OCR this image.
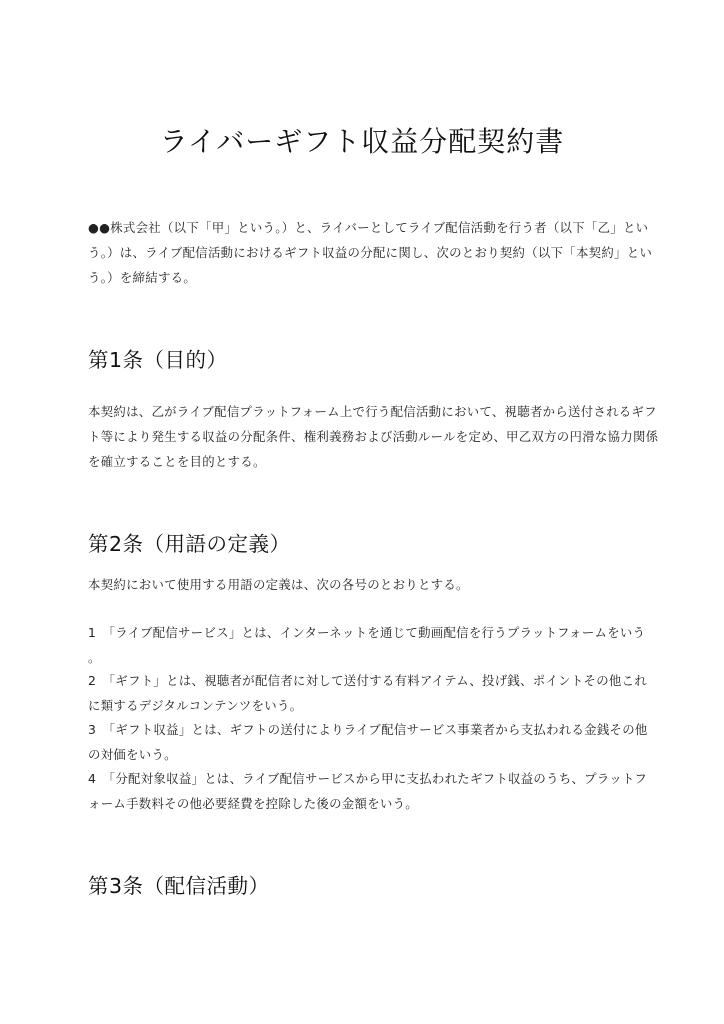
ライバーギフト収益分配契約書
●●株式会社（以下「甲」という。）と、ライバーとしてライブ配信活動を行う者（以下「乙」とい
う。）は、ライブ配信活動におけるギフト収益の分配に関し、次のとおり契約（以下「本契約」とい
う。）を締結する。
第1条（目的）
本契約は、乙がライブ配信プラットフォーム上で行う配信活動において、視聴者から送付されるギフ
ト等により発生する収益の分配条件、権利義務および活動ルールを定め、甲乙双方の円滑な協力関係
を確立することを目的とする。
第2条（用語の定義）
本契約において使用する用語の定義は、次の各号のとおりとする。
1　「ライブ配信サービス」とは、インターネットを通じて動画配信を行うプラットフォームをいう
。
2　「ギフト」とは、視聴者が配信者に対して送付する有料アイテム、投げ銭、ポイントその他これ
に類するデジタルコンテンツをいう。
3　「ギフト収益」とは、ギフトの送付によりライブ配信サービス事業者から支払われる金銭その他
の対価をいう。
4　「分配対象収益」とは、ライブ配信サービスから甲に支払われたギフト収益のうち、プラットフ
ォーム手数料その他必要経費を控除した後の金額をいう。
第3条（配信活動）
